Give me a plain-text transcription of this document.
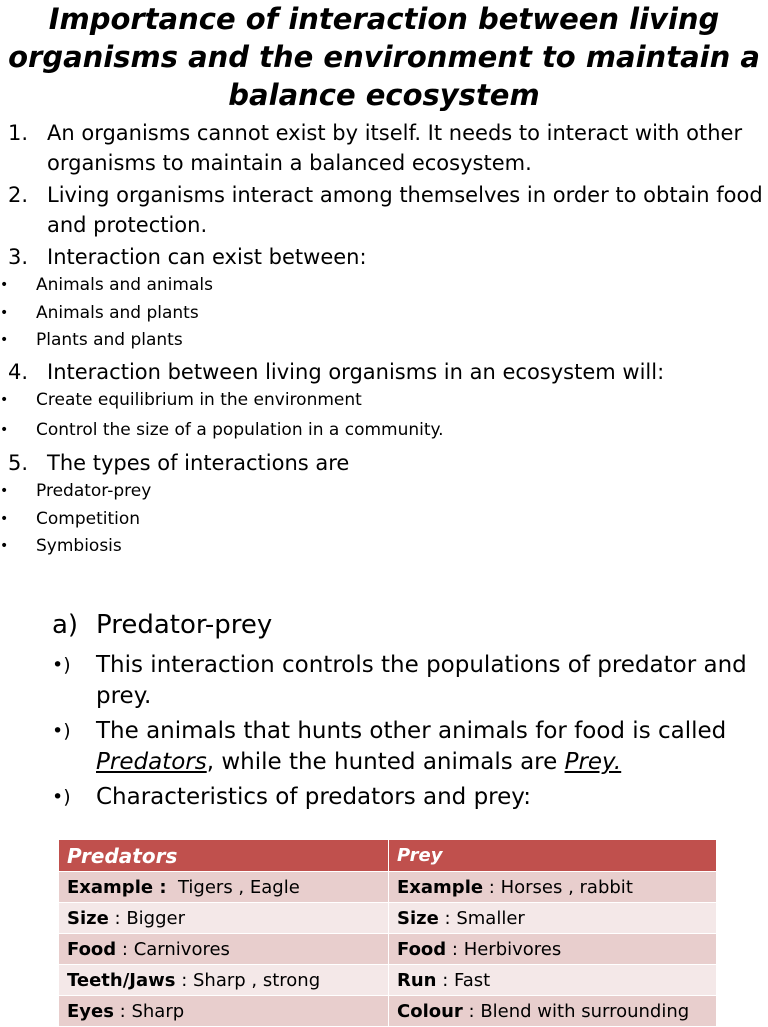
Importance of interaction between living
organisms and the environment to maintain a
balance ecosystem
1. An organisms cannot exist by itself. It needs to interact with other organisms to maintain a balanced ecosystem.
2. Living organisms interact among themselves in order to obtain food and protection.
3. Interaction can exist between:
• Animals and animals
• Animals and plants
• Plants and plants
4. Interaction between living organisms in an ecosystem will:
• Create equilibrium in the environment
• Control the size of a population in a community.
5. The types of interactions are
• Predator-prey
• Competition
• Symbiosis
a) Predator-prey
•) This interaction controls the populations of predator and prey.
•) The animals that hunts other animals for food is called Predators, while the hunted animals are Prey.
•) Characteristics of predators and prey:
Predators	Prey
Example :  Tigers , Eagle	Example : Horses , rabbit
Size : Bigger	Size : Smaller
Food : Carnivores	Food : Herbivores
Teeth/Jaws : Sharp , strong	Run : Fast
Eyes : Sharp	Colour : Blend with surrounding
